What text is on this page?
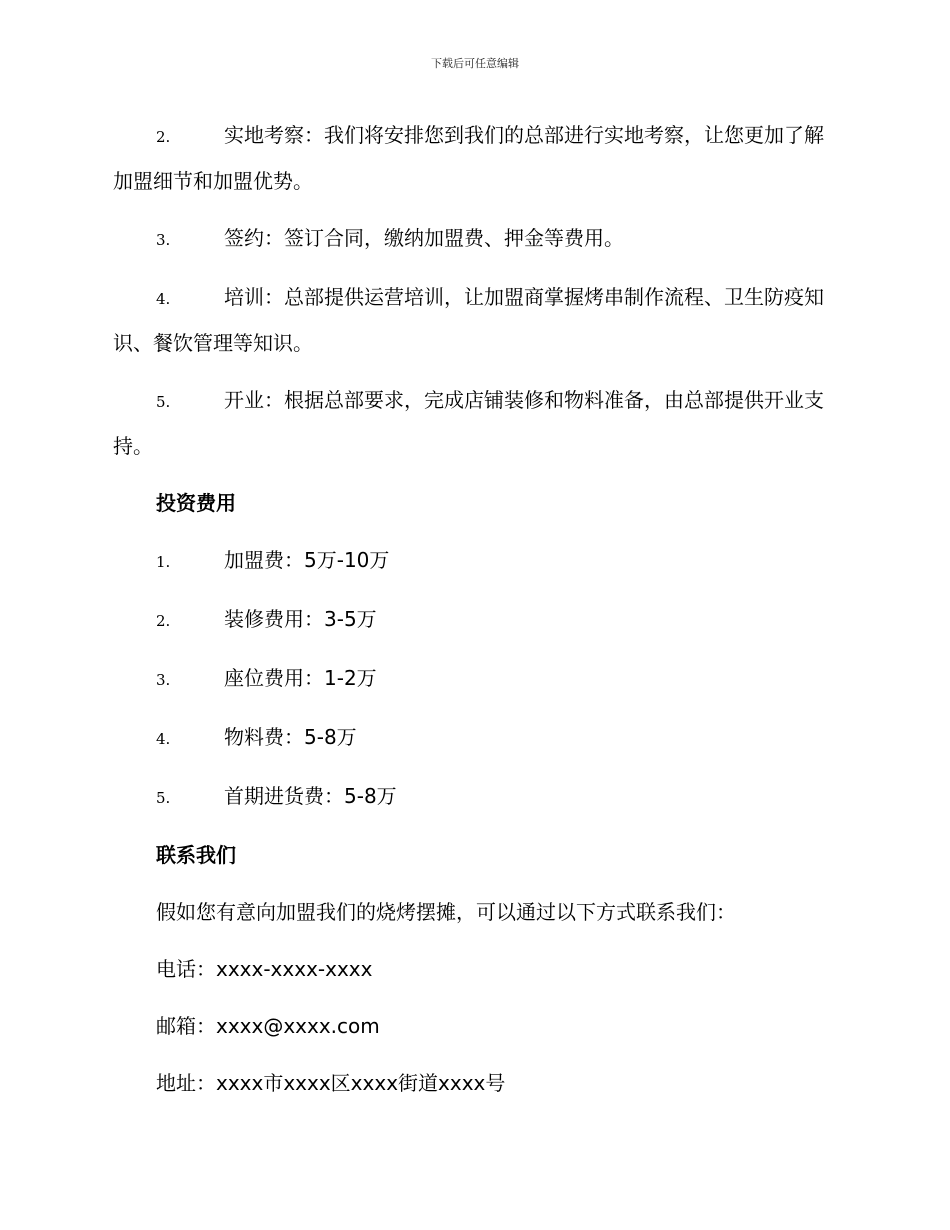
下载后可任意编辑
2.	实地考察：我们将安排您到我们的总部进行实地考察，让您更加了解加盟细节和加盟优势。
3.	签约：签订合同，缴纳加盟费、押金等费用。
4.	培训：总部提供运营培训，让加盟商掌握烤串制作流程、卫生防疫知识、餐饮管理等知识。
5.	开业：根据总部要求，完成店铺装修和物料准备，由总部提供开业支持。
投资费用
1.	加盟费：5万-10万
2.	装修费用：3-5万
3.	座位费用：1-2万
4.	物料费：5-8万
5.	首期进货费：5-8万
联系我们
假如您有意向加盟我们的烧烤摆摊，可以通过以下方式联系我们：
电话：xxxx-xxxx-xxxx
邮箱：xxxx@xxxx.com
地址：xxxx市xxxx区xxxx街道xxxx号
